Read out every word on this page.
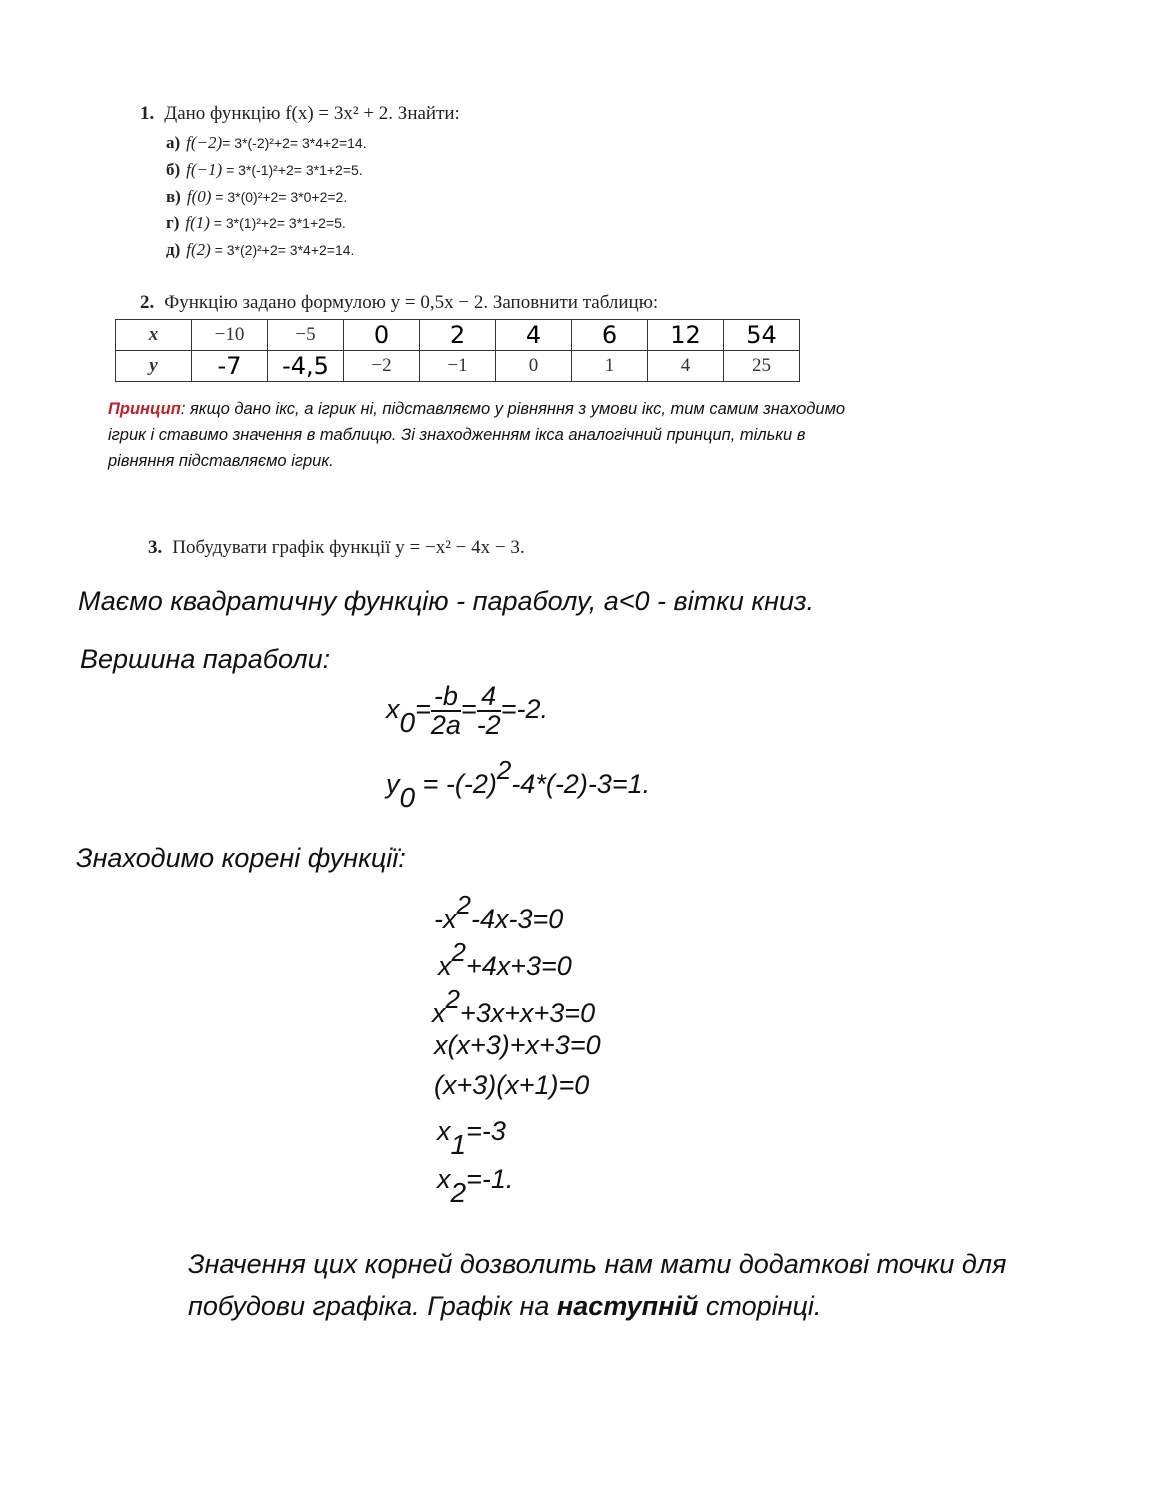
1. Дано функцію f(x) = 3x² + 2. Знайти:
а) f(−2)= 3*(-2)²+2= 3*4+2=14.
б) f(−1) = 3*(-1)²+2= 3*1+2=5.
в) f(0) = 3*(0)²+2= 3*0+2=2.
г) f(1) = 3*(1)²+2= 3*1+2=5.
д) f(2) = 3*(2)²+2= 3*4+2=14.
2. Функцію задано формулою y = 0,5x − 2. Заповнити таблицю:
x	−10	−5	0	2	4	6	12	54
y	-7	-4,5	−2	−1	0	1	4	25
Принцип: якщо дано ікс, а ігрик ні, підставляємо у рівняння з умови ікс, тим самим знаходимо ігрик і ставимо значення в таблицю. Зі знаходженням ікса аналогічний принцип, тільки в рівняння підставляємо ігрик.
3. Побудувати графік функції y = −x² − 4x − 3.
Маємо квадратичну функцію - параболу, а<0 - вітки книз.
Вершина параболи:
$x_0= \frac{-b}{2a} = \frac{4}{-2} =-2$.
$y_0 = -(-2)^2-4*(-2)-3=1$.
Знаходимо корені функції:
$-x^2-4x-3=0$
$x^2+4x+3=0$
$x^2+3x+x+3=0$
x(x+3)+x+3=0
(x+3)(x+1)=0
$x_1=-3$
$x_2=-1$.
Значення цих корней дозволить нам мати додаткові точки для побудови графіка. Графік на наступній сторінці.
